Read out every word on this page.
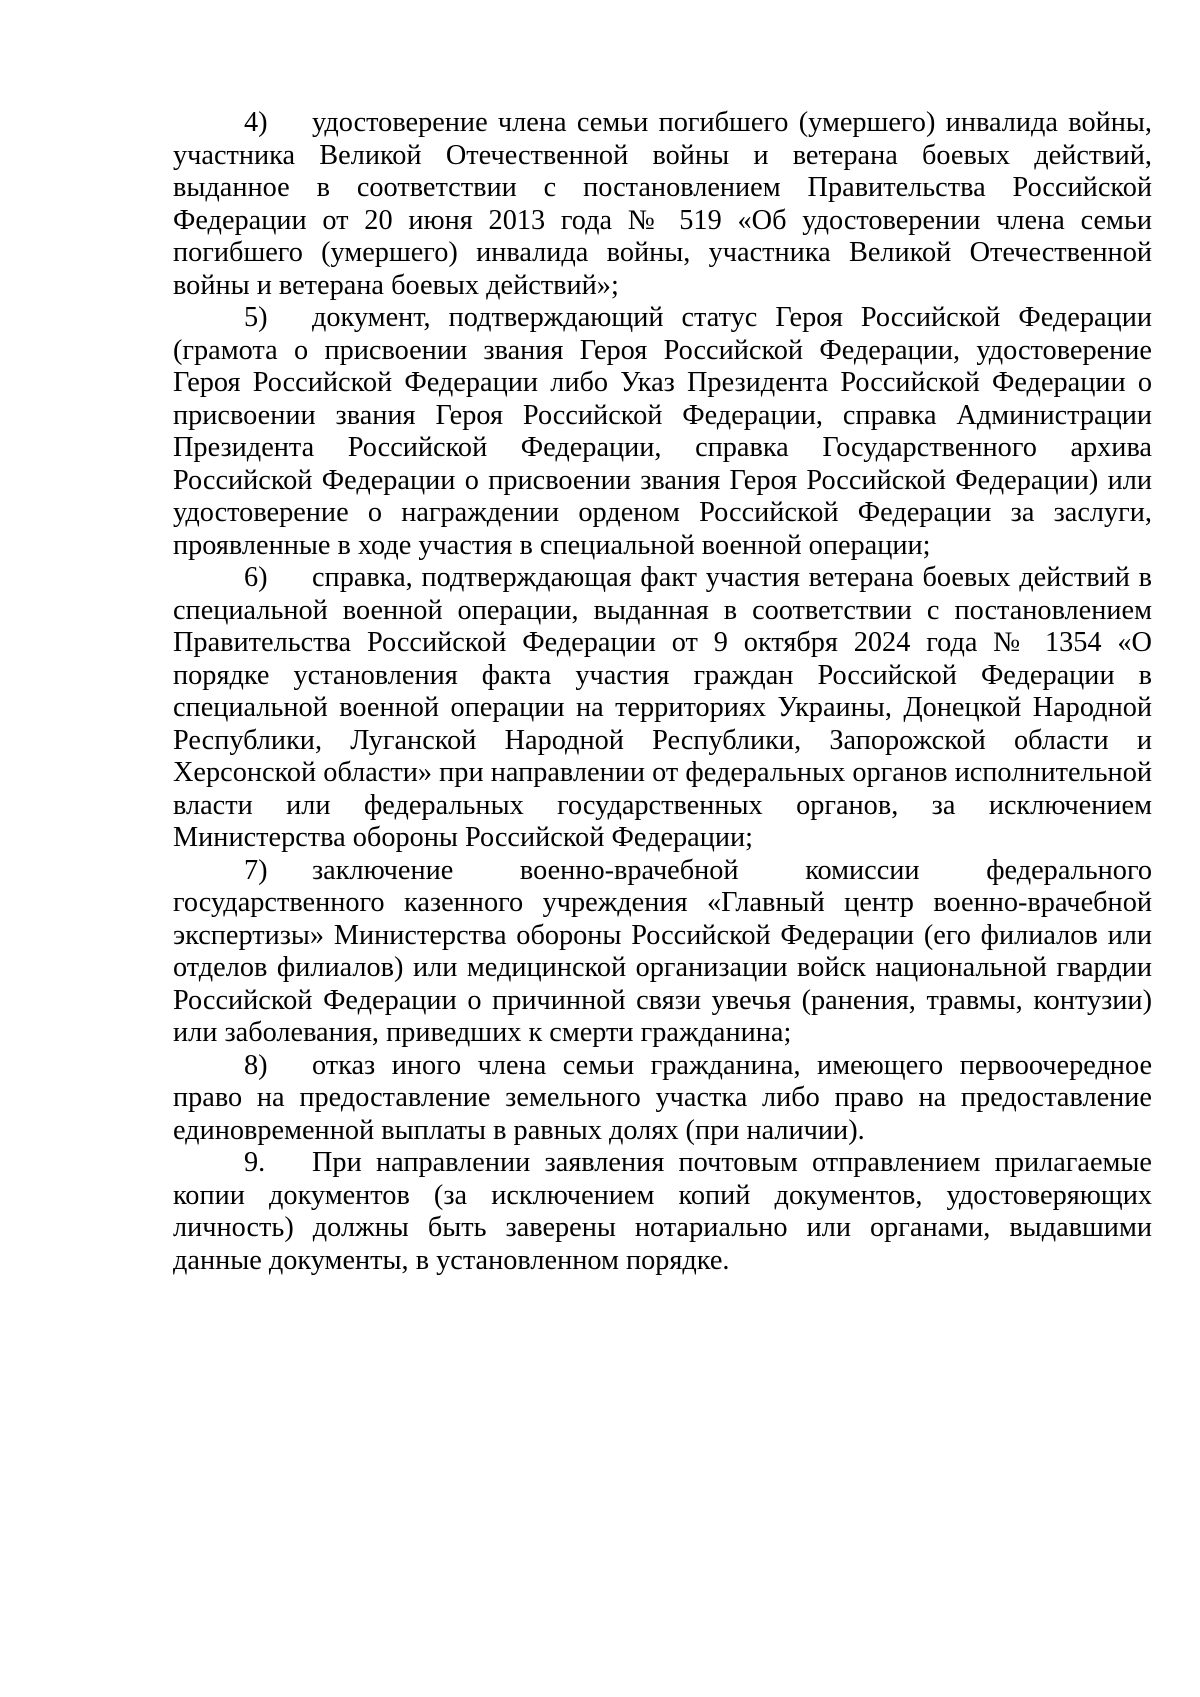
4) удостоверение члена семьи погибшего (умершего) инвалида войны, участника Великой Отечественной войны и ветерана боевых действий, выданное в соответствии с постановлением Правительства Российской Федерации от 20 июня 2013 года № 519 «Об удостоверении члена семьи погибшего (умершего) инвалида войны, участника Великой Отечественной войны и ветерана боевых действий»;

5) документ, подтверждающий статус Героя Российской Федерации (грамота о присвоении звания Героя Российской Федерации, удостоверение Героя Российской Федерации либо Указ Президента Российской Федерации о присвоении звания Героя Российской Федерации, справка Администрации Президента Российской Федерации, справка Государственного архива Российской Федерации о присвоении звания Героя Российской Федерации) или удостоверение о награждении орденом Российской Федерации за заслуги, проявленные в ходе участия в специальной военной операции;

6) справка, подтверждающая факт участия ветерана боевых действий в специальной военной операции, выданная в соответствии с постановлением Правительства Российской Федерации от 9 октября 2024 года № 1354 «О порядке установления факта участия граждан Российской Федерации в специальной военной операции на территориях Украины, Донецкой Народной Республики, Луганской Народной Республики, Запорожской области и Херсонской области» при направлении от федеральных органов исполнительной власти или федеральных государственных органов, за исключением Министерства обороны Российской Федерации;

7) заключение военно-врачебной комиссии федерального государственного казенного учреждения «Главный центр военно-врачебной экспертизы» Министерства обороны Российской Федерации (его филиалов или отделов филиалов) или медицинской организации войск национальной гвардии Российской Федерации о причинной связи увечья (ранения, травмы, контузии) или заболевания, приведших к смерти гражданина;

8) отказ иного члена семьи гражданина, имеющего первоочередное право на предоставление земельного участка либо право на предоставление единовременной выплаты в равных долях (при наличии).

9. При направлении заявления почтовым отправлением прилагаемые копии документов (за исключением копий документов, удостоверяющих личность) должны быть заверены нотариально или органами, выдавшими данные документы, в установленном порядке.
